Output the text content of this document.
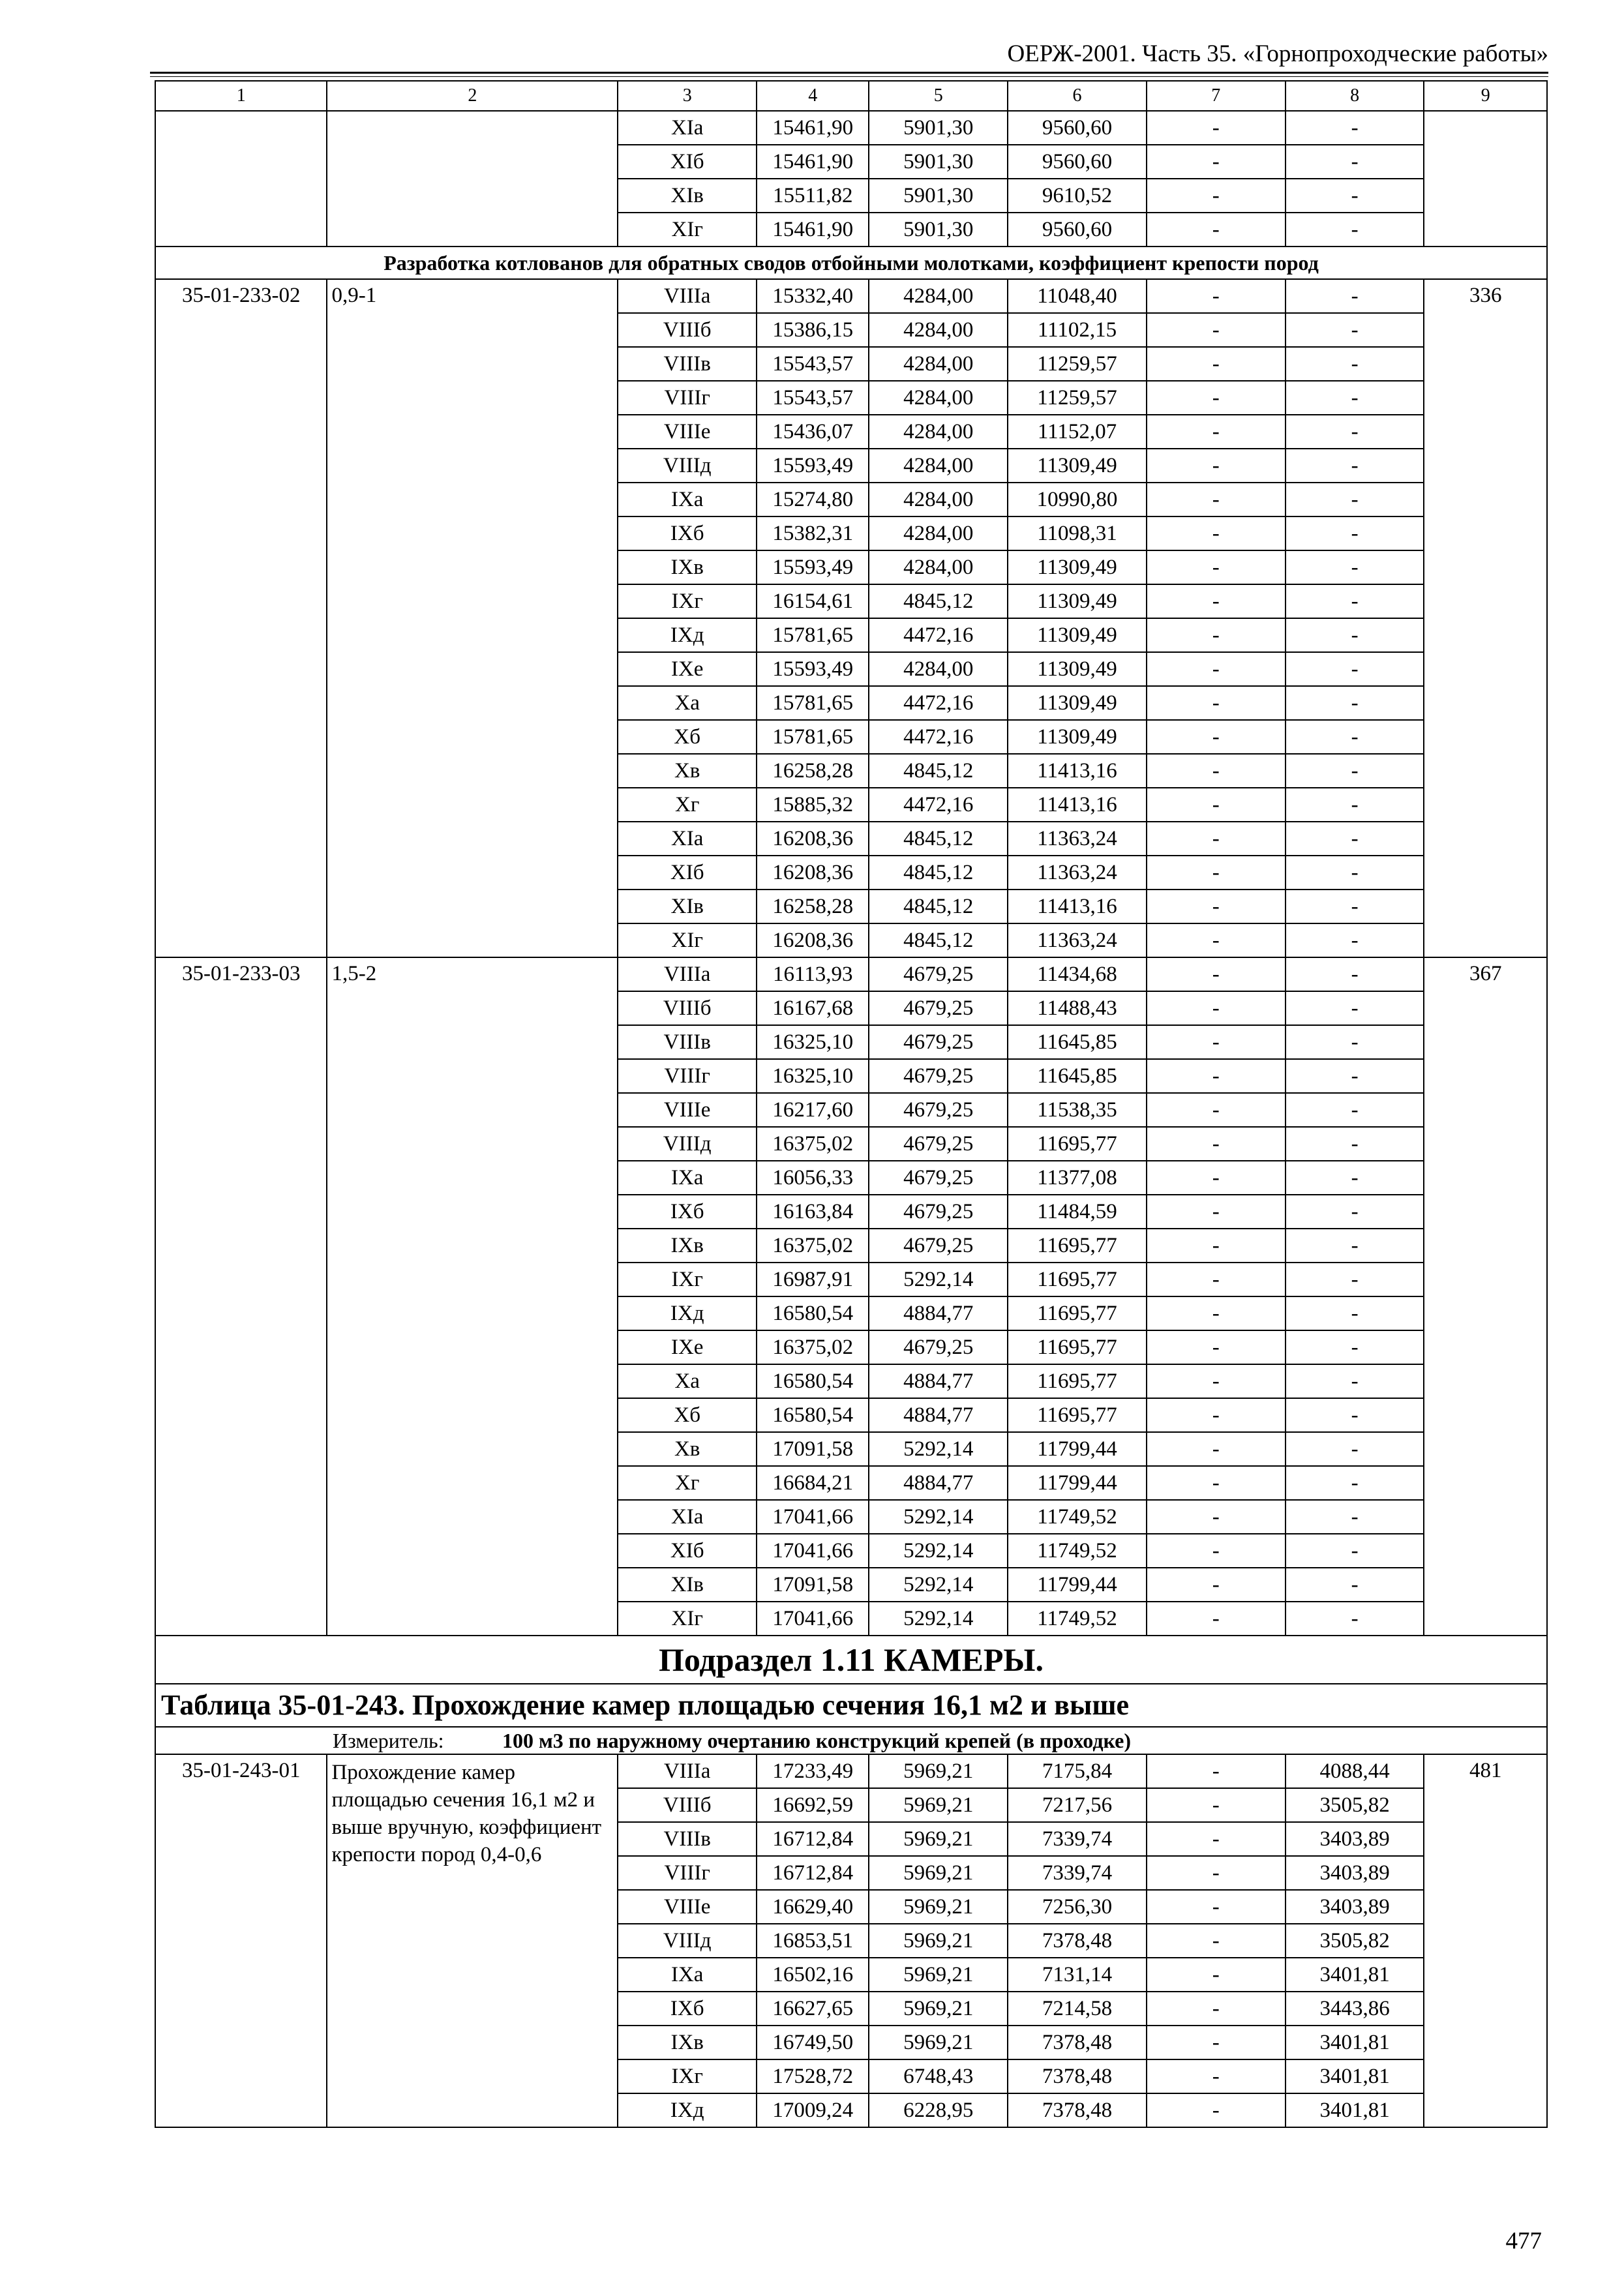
ОЕРЖ-2001. Часть 35. «Горнопроходческие работы»
1	2	3	4	5	6	7	8	9
		XIа	15461,90	5901,30	9560,60	-	-	
		XIб	15461,90	5901,30	9560,60	-	-	
		XIв	15511,82	5901,30	9610,52	-	-	
		XIг	15461,90	5901,30	9560,60	-	-	
Разработка котлованов для обратных сводов отбойными молотками, коэффициент крепости пород								
35-01-233-02	0,9-1	VIIIа	15332,40	4284,00	11048,40	-	-	336
		VIIIб	15386,15	4284,00	11102,15	-	-	
		VIIIв	15543,57	4284,00	11259,57	-	-	
		VIIIг	15543,57	4284,00	11259,57	-	-	
		VIIIе	15436,07	4284,00	11152,07	-	-	
		VIIIд	15593,49	4284,00	11309,49	-	-	
		IXа	15274,80	4284,00	10990,80	-	-	
		IXб	15382,31	4284,00	11098,31	-	-	
		IXв	15593,49	4284,00	11309,49	-	-	
		IXг	16154,61	4845,12	11309,49	-	-	
		IXд	15781,65	4472,16	11309,49	-	-	
		IXе	15593,49	4284,00	11309,49	-	-	
		Xа	15781,65	4472,16	11309,49	-	-	
		Xб	15781,65	4472,16	11309,49	-	-	
		Xв	16258,28	4845,12	11413,16	-	-	
		Xг	15885,32	4472,16	11413,16	-	-	
		XIа	16208,36	4845,12	11363,24	-	-	
		XIб	16208,36	4845,12	11363,24	-	-	
		XIв	16258,28	4845,12	11413,16	-	-	
		XIг	16208,36	4845,12	11363,24	-	-	
35-01-233-03	1,5-2	VIIIа	16113,93	4679,25	11434,68	-	-	367
		VIIIб	16167,68	4679,25	11488,43	-	-	
		VIIIв	16325,10	4679,25	11645,85	-	-	
		VIIIг	16325,10	4679,25	11645,85	-	-	
		VIIIе	16217,60	4679,25	11538,35	-	-	
		VIIIд	16375,02	4679,25	11695,77	-	-	
		IXа	16056,33	4679,25	11377,08	-	-	
		IXб	16163,84	4679,25	11484,59	-	-	
		IXв	16375,02	4679,25	11695,77	-	-	
		IXг	16987,91	5292,14	11695,77	-	-	
		IXд	16580,54	4884,77	11695,77	-	-	
		IXе	16375,02	4679,25	11695,77	-	-	
		Xа	16580,54	4884,77	11695,77	-	-	
		Xб	16580,54	4884,77	11695,77	-	-	
		Xв	17091,58	5292,14	11799,44	-	-	
		Xг	16684,21	4884,77	11799,44	-	-	
		XIа	17041,66	5292,14	11749,52	-	-	
		XIб	17041,66	5292,14	11749,52	-	-	
		XIв	17091,58	5292,14	11799,44	-	-	
		XIг	17041,66	5292,14	11749,52	-	-	
Подраздел 1.11 КАМЕРЫ.								
Таблица 35-01-243. Прохождение камер площадью сечения 16,1 м2 и выше								
Измеритель: 100 м3 по наружному очертанию конструкций крепей (в проходке)								
35-01-243-01	Прохождение камер площадью сечения 16,1 м2 и выше вручную, коэффициент крепости пород 0,4-0,6	VIIIа	17233,49	5969,21	7175,84	-	4088,44	481
		VIIIб	16692,59	5969,21	7217,56	-	3505,82	
		VIIIв	16712,84	5969,21	7339,74	-	3403,89	
		VIIIг	16712,84	5969,21	7339,74	-	3403,89	
		VIIIе	16629,40	5969,21	7256,30	-	3403,89	
		VIIIд	16853,51	5969,21	7378,48	-	3505,82	
		IXа	16502,16	5969,21	7131,14	-	3401,81	
		IXб	16627,65	5969,21	7214,58	-	3443,86	
		IXв	16749,50	5969,21	7378,48	-	3401,81	
		IXг	17528,72	6748,43	7378,48	-	3401,81	
		IXд	17009,24	6228,95	7378,48	-	3401,81	
477
